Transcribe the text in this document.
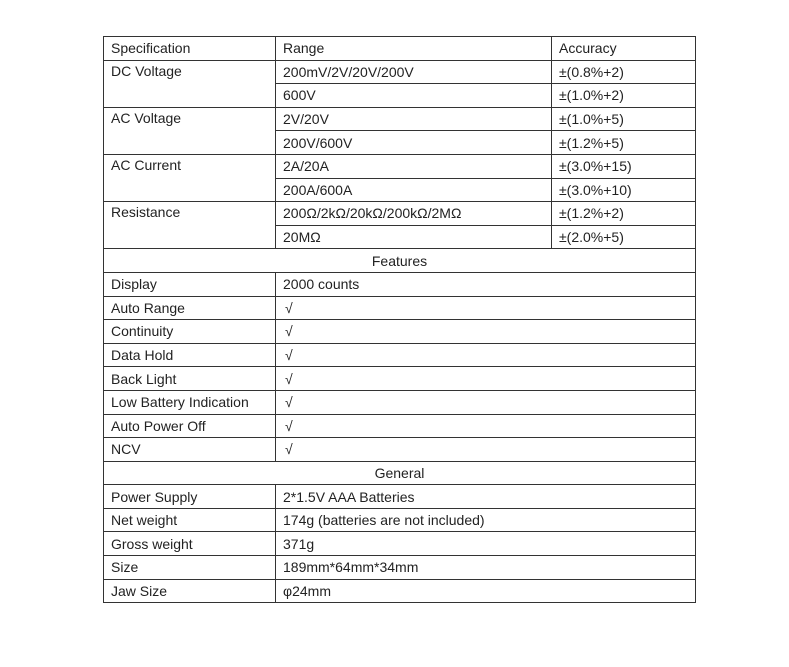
Specification	Range	Accuracy
DC Voltage	200mV/2V/20V/200V	±(0.8%+2)
	600V	±(1.0%+2)
AC Voltage	2V/20V	±(1.0%+5)
	200V/600V	±(1.2%+5)
AC Current	2A/20A	±(3.0%+15)
	200A/600A	±(3.0%+10)
Resistance	200Ω/2kΩ/20kΩ/200kΩ/2MΩ	±(1.2%+2)
	20MΩ	±(2.0%+5)
Features		
Display	2000 counts	
Auto Range	√	
Continuity	√	
Data Hold	√	
Back Light	√	
Low Battery Indication	√	
Auto Power Off	√	
NCV	√	
General		
Power Supply	2*1.5V AAA Batteries	
Net weight	174g (batteries are not included)	
Gross weight	371g	
Size	189mm*64mm*34mm	
Jaw Size	φ24mm	
